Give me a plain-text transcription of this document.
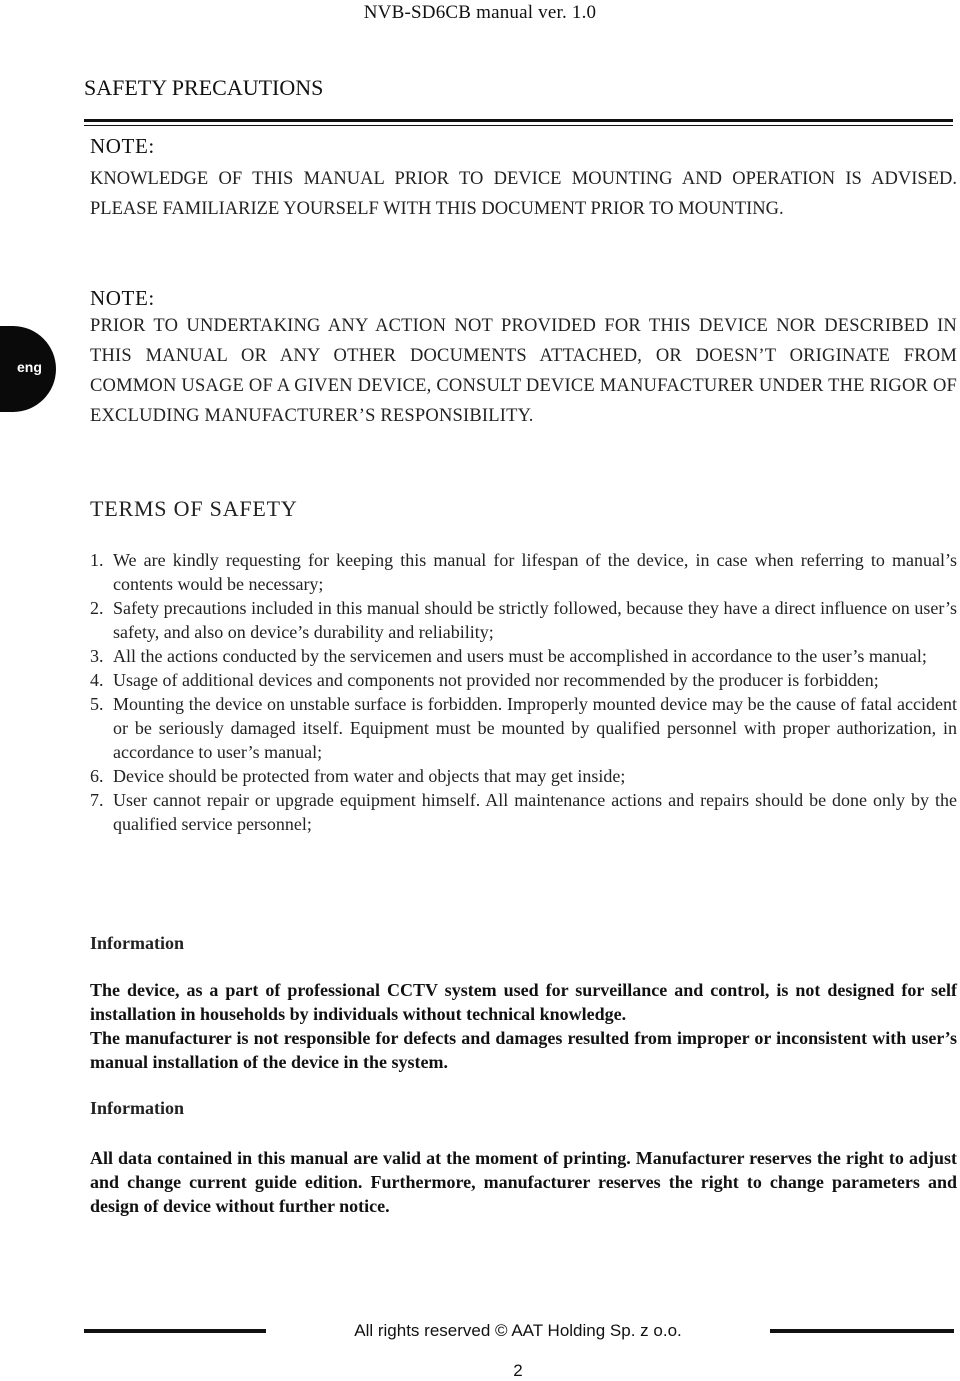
NVB-SD6CB manual ver. 1.0
SAFETY PRECAUTIONS
NOTE:
KNOWLEDGE OF THIS MANUAL PRIOR TO DEVICE MOUNTING AND OPERATION IS ADVISED. PLEASE FAMILIARIZE YOURSELF WITH THIS DOCUMENT PRIOR TO MOUNTING.
NOTE:
PRIOR TO UNDERTAKING ANY ACTION NOT PROVIDED FOR THIS DEVICE NOR DESCRIBED IN THIS MANUAL OR ANY OTHER DOCUMENTS ATTACHED, OR DOESN’T ORIGINATE FROM COMMON USAGE OF A GIVEN DEVICE, CONSULT DEVICE MANUFACTURER UNDER THE RIGOR OF EXCLUDING MANUFACTURER’S RESPONSIBILITY.
eng
TERMS OF SAFETY
1. We are kindly requesting for keeping this manual for lifespan of the device, in case when referring to manual’s contents would be necessary;
2. Safety precautions included in this manual should be strictly followed, because they have a direct influence on user’s safety, and also on device’s durability and reliability;
3. All the actions conducted by the servicemen and users must be accomplished in accordance to the user’s manual;
4. Usage of additional devices and components not provided nor recommended by the producer is forbidden;
5. Mounting the device on unstable surface is forbidden. Improperly mounted device may be the cause of fatal accident or be seriously damaged itself. Equipment must be mounted by qualified personnel with proper authorization, in accordance to user’s manual;
6. Device should be protected from water and objects that may get inside;
7. User cannot repair or upgrade equipment himself. All maintenance actions and repairs should be done only by the qualified service personnel;
Information
The device, as a part of professional CCTV system used for surveillance and control, is not designed for self installation in households by individuals without technical knowledge.
The manufacturer is not responsible for defects and damages resulted from improper or inconsistent with user’s manual installation of the device in the system.
Information
All data contained in this manual are valid at the moment of printing. Manufacturer reserves the right to adjust and change current guide edition. Furthermore, manufacturer reserves the right to change parameters and design of device without further notice.
All rights reserved © AAT Holding Sp. z o.o.
2
